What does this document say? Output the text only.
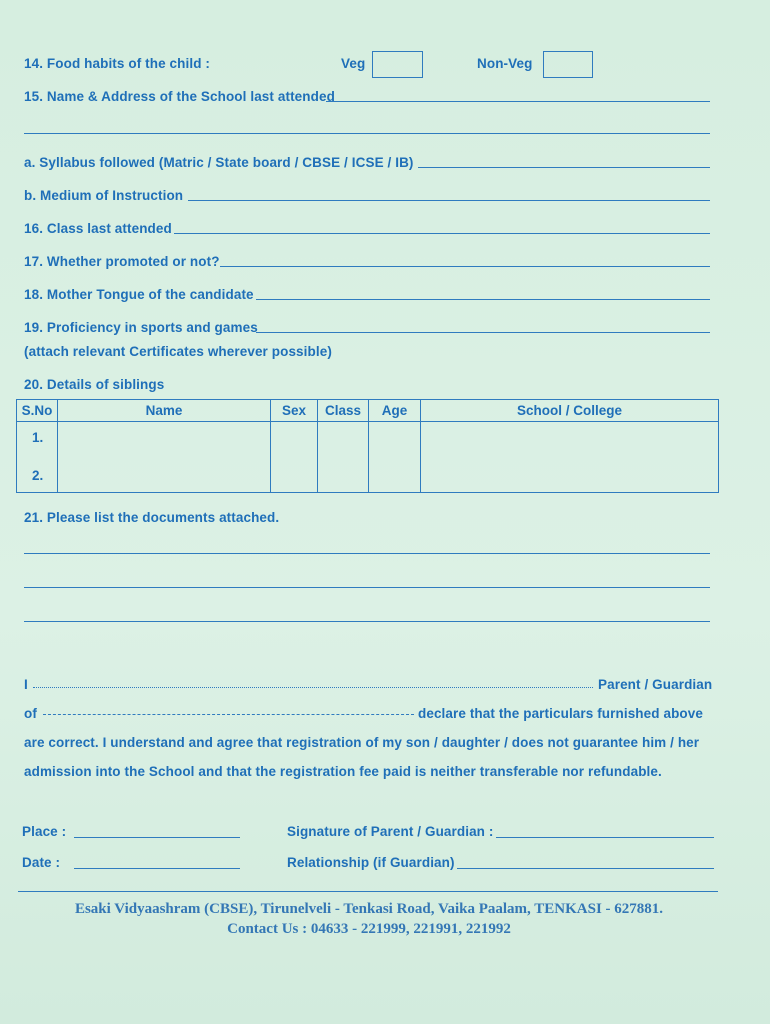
14. Food habits of the child :	Veg	Non-Veg
15. Name & Address of the School last attended
a. Syllabus followed (Matric / State board / CBSE / ICSE / IB)
b. Medium of Instruction
16. Class last attended
17. Whether promoted or not?
18. Mother Tongue of the candidate
19. Proficiency in sports and games
(attach relevant Certificates wherever possible)
20. Details of siblings
S.No	Name	Sex	Class	Age	School / College

1.
2.					

21. Please list the documents attached.
I	Parent / Guardian
of	declare that the particulars furnished above
are correct. I understand and agree that registration of my son / daughter / does not guarantee him / her
admission into the School and that the registration fee paid is neither transferable nor refundable.
Place :	Signature of Parent / Guardian :
Date :	Relationship (if Guardian)
Esaki Vidyaashram (CBSE), Tirunelveli - Tenkasi Road, Vaika Paalam, TENKASI - 627881.
Contact Us : 04633 - 221999, 221991, 221992
